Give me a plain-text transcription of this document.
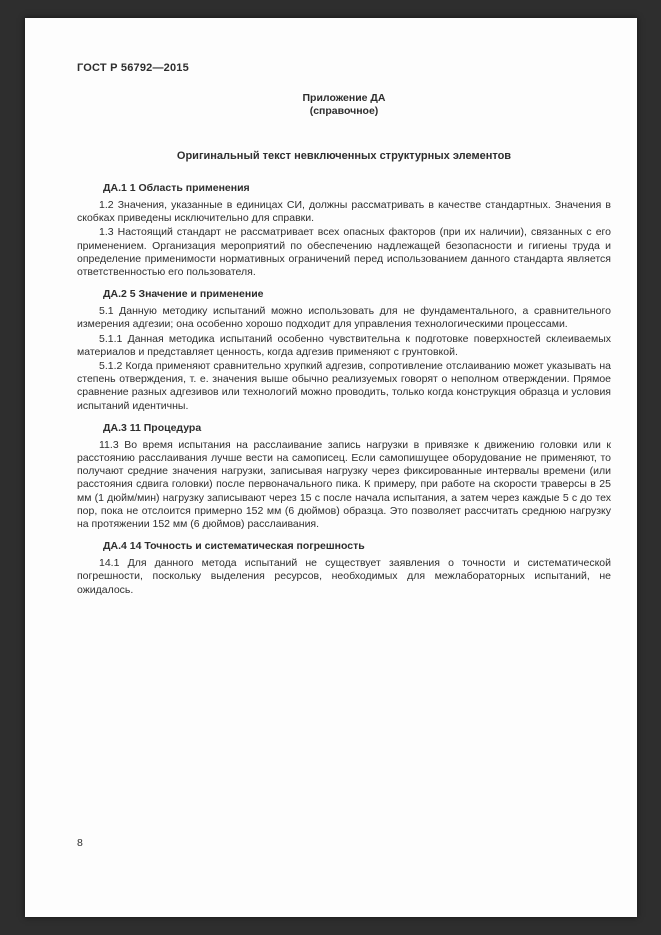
ГОСТ Р 56792—2015
Приложение ДА
(справочное)
Оригинальный текст невключенных структурных элементов
ДА.1 1 Область применения

1.2 Значения, указанные в единицах СИ, должны рассматривать в качестве стандартных. Значения в скобках приведены исключительно для справки.

1.3 Настоящий стандарт не рассматривает всех опасных факторов (при их наличии), связанных с его применением. Организация мероприятий по обеспечению надлежащей безопасности и гигиены труда и определение применимости нормативных ограничений перед использованием данного стандарта является ответственностью его пользователя.

ДА.2 5 Значение и применение

5.1 Данную методику испытаний можно использовать для не фундаментального, а сравнительного измерения адгезии; она особенно хорошо подходит для управления технологическими процессами.

5.1.1 Данная методика испытаний особенно чувствительна к подготовке поверхностей склеиваемых материалов и представляет ценность, когда адгезив применяют с грунтовкой.

5.1.2 Когда применяют сравнительно хрупкий адгезив, сопротивление отслаиванию может указывать на степень отверждения, т. е. значения выше обычно реализуемых говорят о неполном отверждении. Прямое сравнение разных адгезивов или технологий можно проводить, только когда конструкция образца и условия испытаний идентичны.

ДА.3 11 Процедура

11.3 Во время испытания на расслаивание запись нагрузки в привязке к движению головки или к расстоянию расслаивания лучше вести на самописец. Если самопишущее оборудование не применяют, то получают средние значения нагрузки, записывая нагрузку через фиксированные интервалы времени (или расстояния сдвига головки) после первоначального пика. К примеру, при работе на скорости траверсы в 25 мм (1 дюйм/мин) нагрузку записывают через 15 с после начала испытания, а затем через каждые 5 с до тех пор, пока не отслоится примерно 152 мм (6 дюймов) образца. Это позволяет рассчитать среднюю нагрузку на протяжении 152 мм (6 дюймов) расслаивания.

ДА.4 14 Точность и систематическая погрешность

14.1 Для данного метода испытаний не существует заявления о точности и систематической погрешности, поскольку выделения ресурсов, необходимых для межлабораторных испытаний, не ожидалось.

8
